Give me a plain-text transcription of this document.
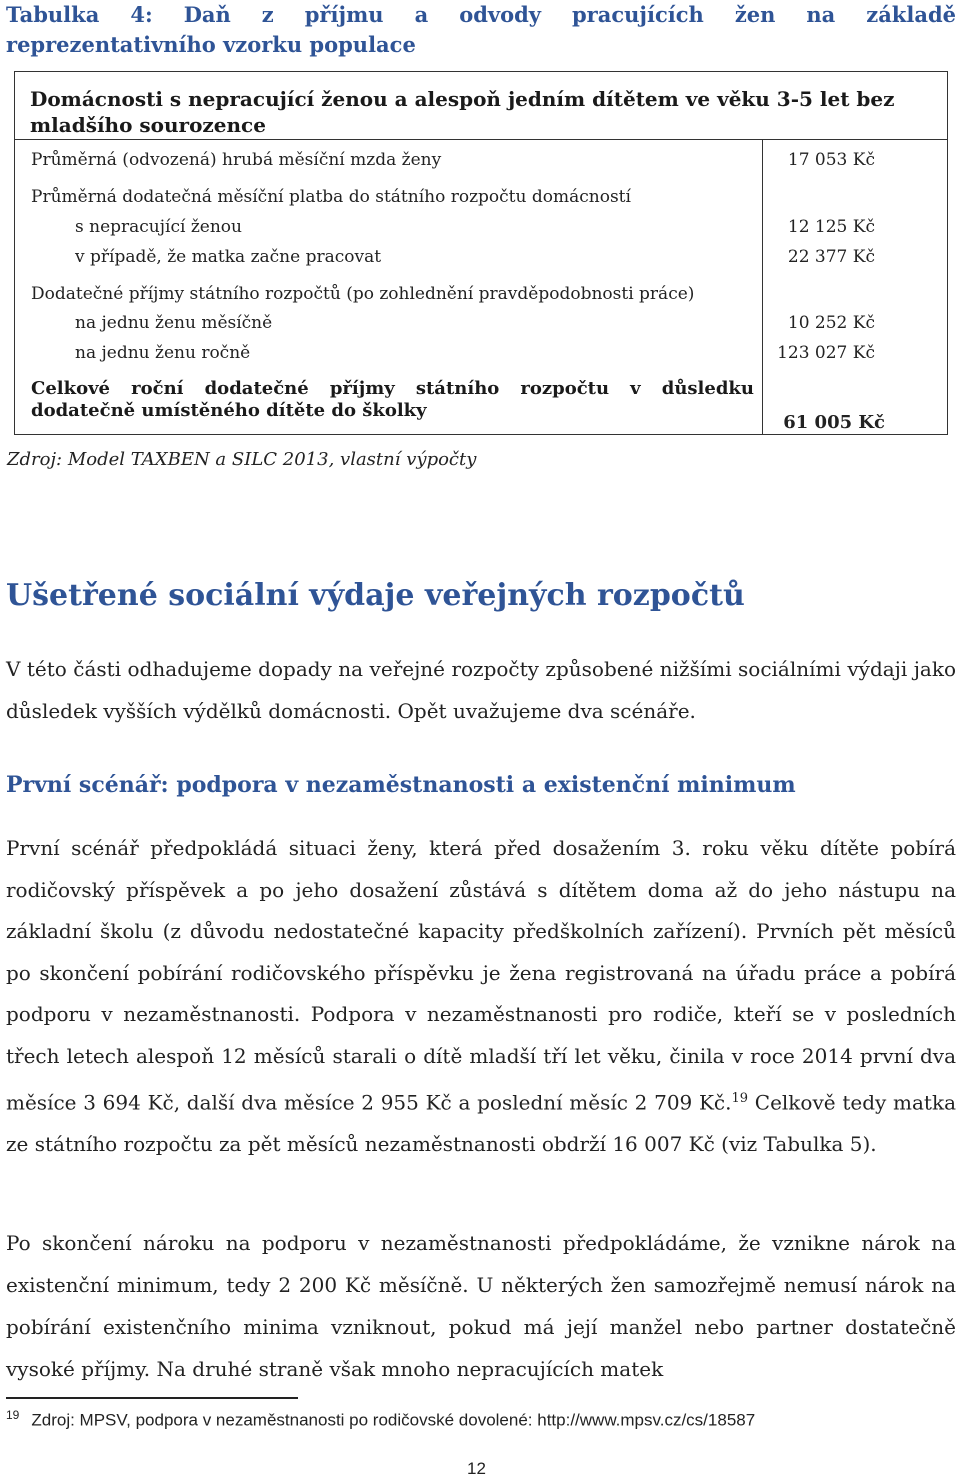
Tabulka 4: Daň z příjmu a odvody pracujících žen na základě
reprezentativního vzorku populace
Domácnosti s nepracující ženou a alespoň jedním dítětem ve věku 3-5 let bez mladšího sourozence
Průměrná (odvozená) hrubá měsíční mzda ženy	17 053 Kč
Průměrná dodatečná měsíční platba do státního rozpočtu domácností
s nepracující ženou	12 125 Kč
v případě, že matka začne pracovat	22 377 Kč
Dodatečné příjmy státního rozpočtů (po zohlednění pravděpodobnosti práce)
na jednu ženu měsíčně	10 252 Kč
na jednu ženu ročně	123 027 Kč
Celkové roční dodatečné příjmy státního rozpočtu v důsledku
dodatečně umístěného dítěte do školky
61 005 Kč
Zdroj: Model TAXBEN a SILC 2013, vlastní výpočty
Ušetřené sociální výdaje veřejných rozpočtů

V této části odhadujeme dopady na veřejné rozpočty způsobené nižšími sociálními výdaji jako důsledek vyšších výdělků domácnosti. Opět uvažujeme dva scénáře.

První scénář: podpora v nezaměstnanosti a existenční minimum

První scénář předpokládá situaci ženy, která před dosažením 3. roku věku dítěte pobírá rodičovský příspěvek a po jeho dosažení zůstává s dítětem doma až do jeho nástupu na základní školu (z důvodu nedostatečné kapacity předškolních zařízení). Prvních pět měsíců po skončení pobírání rodičovského příspěvku je žena registrovaná na úřadu práce a pobírá podporu v nezaměstnanosti. Podpora v nezaměstnanosti pro rodiče, kteří se v posledních třech letech alespoň 12 měsíců starali o dítě mladší tří let věku, činila v roce 2014 první dva měsíce 3 694 Kč, další dva měsíce 2 955 Kč a poslední měsíc 2 709 Kč.$^{19}$ Celkově tedy matka ze státního rozpočtu za pět měsíců nezaměstnanosti obdrží 16 007 Kč (viz Tabulka 5).

Po skončení nároku na podporu v nezaměstnanosti předpokládáme, že vznikne nárok na existenční minimum, tedy 2 200 Kč měsíčně. U některých žen samozřejmě nemusí nárok na pobírání existenčního minima vzniknout, pokud má její manžel nebo partner dostatečně vysoké příjmy. Na druhé straně však mnoho nepracujících matek

$^{19}$ Zdroj: MPSV, podpora v nezaměstnanosti po rodičovské dovolené: http://www.mpsv.cz/cs/18587
12
